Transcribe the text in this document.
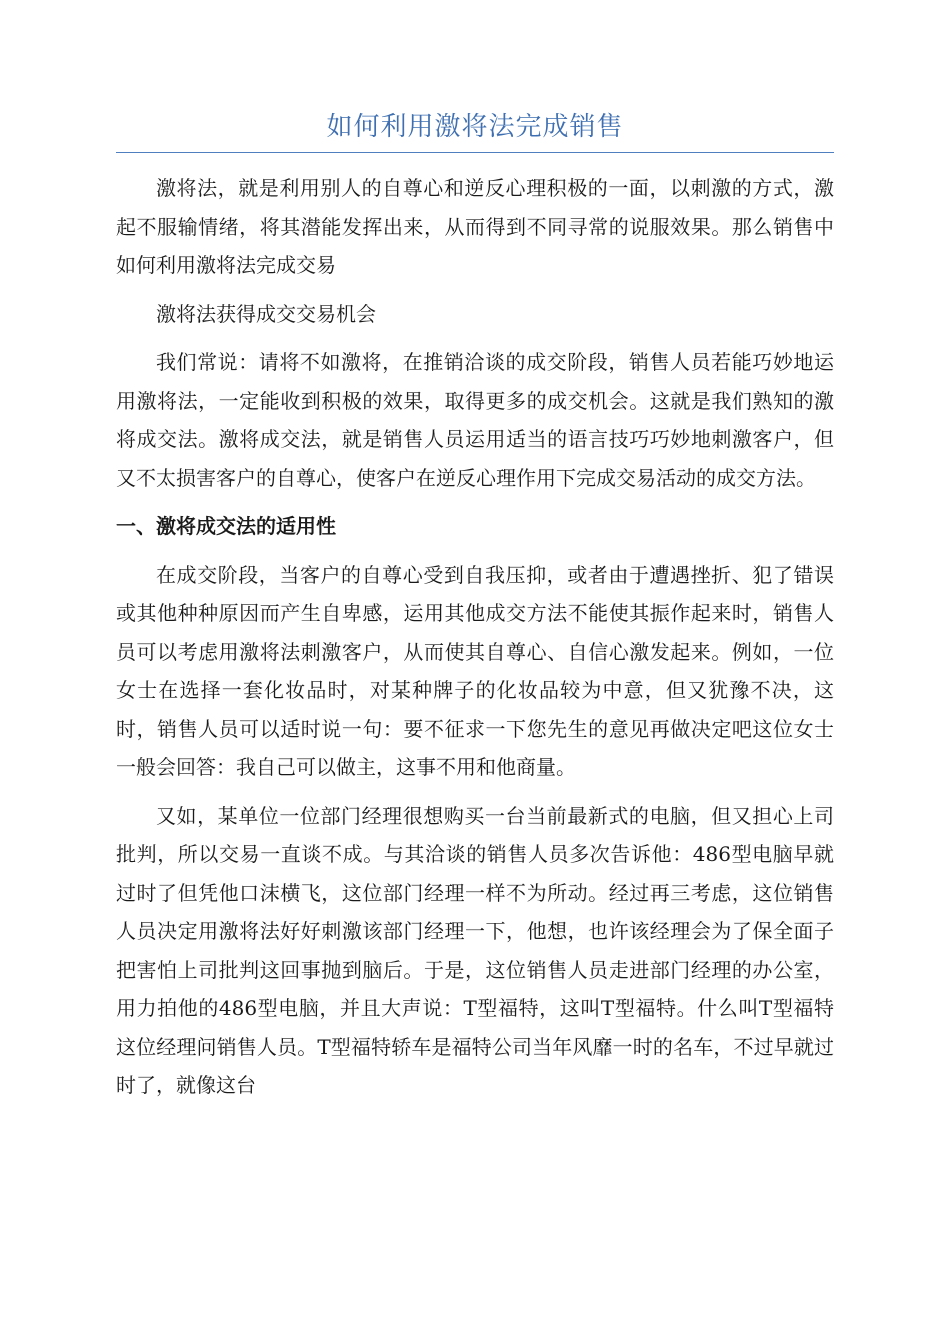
如何利用激将法完成销售

激将法，就是利用别人的自尊心和逆反心理积极的一面，以刺激的方式，激起不服输情绪，将其潜能发挥出来，从而得到不同寻常的说服效果。那么销售中如何利用激将法完成交易

激将法获得成交交易机会

我们常说：请将不如激将，在推销洽谈的成交阶段，销售人员若能巧妙地运用激将法，一定能收到积极的效果，取得更多的成交机会。这就是我们熟知的激将成交法。激将成交法，就是销售人员运用适当的语言技巧巧妙地刺激客户，但又不太损害客户的自尊心，使客户在逆反心理作用下完成交易活动的成交方法。

一、激将成交法的适用性

在成交阶段，当客户的自尊心受到自我压抑，或者由于遭遇挫折、犯了错误或其他种种原因而产生自卑感，运用其他成交方法不能使其振作起来时，销售人员可以考虑用激将法刺激客户，从而使其自尊心、自信心激发起来。例如，一位女士在选择一套化妆品时，对某种牌子的化妆品较为中意，但又犹豫不决，这时，销售人员可以适时说一句：要不征求一下您先生的意见再做决定吧这位女士一般会回答：我自己可以做主，这事不用和他商量。

又如，某单位一位部门经理很想购买一台当前最新式的电脑，但又担心上司批判，所以交易一直谈不成。与其洽谈的销售人员多次告诉他：486型电脑早就过时了但凭他口沫横飞，这位部门经理一样不为所动。经过再三考虑，这位销售人员决定用激将法好好刺激该部门经理一下，他想，也许该经理会为了保全面子把害怕上司批判这回事抛到脑后。于是，这位销售人员走进部门经理的办公室，用力拍他的486型电脑，并且大声说：T型福特，这叫T型福特。什么叫T型福特这位经理问销售人员。T型福特轿车是福特公司当年风靡一时的名车，不过早就过时了，就像这台
